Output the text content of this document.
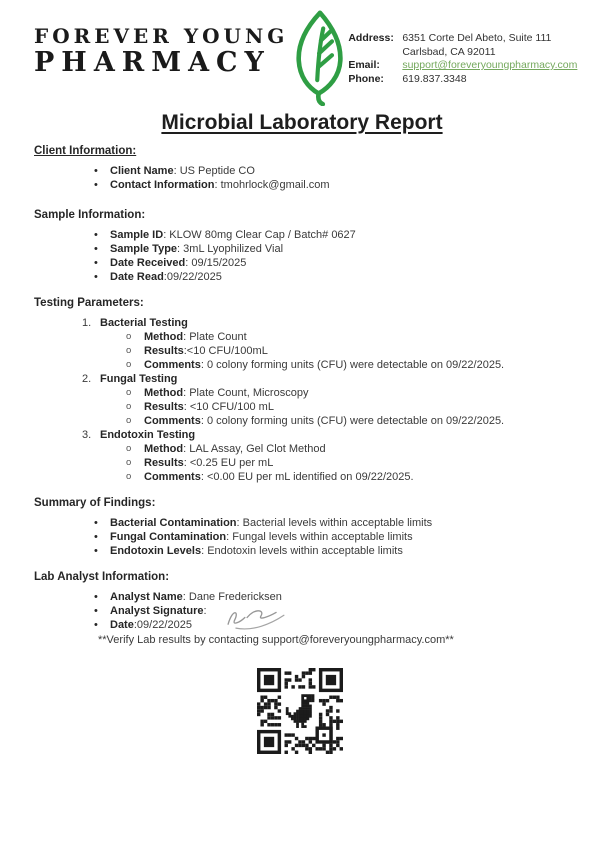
FOREVER YOUNG
PHARMACY
Address: 6351 Corte Del Abeto, Suite 111
Carlsbad, CA 92011
Email:	support@foreveryoungpharmacy.com
Phone:	619.837.3348
Microbial Laboratory Report
Client Information:
• Client Name: US Peptide CO
• Contact Information: tmohrlock@gmail.com
Sample Information:
• Sample ID: KLOW 80mg Clear Cap / Batch# 0627
• Sample Type: 3mL Lyophilized Vial
• Date Received: 09/15/2025
• Date Read:09/22/2025
Testing Parameters:
1. Bacterial Testing
o Method: Plate Count
o Results:<10 CFU/100mL
o Comments: 0 colony forming units (CFU) were detectable on 09/22/2025.
2. Fungal Testing
o Method: Plate Count, Microscopy
o Results: <10 CFU/100 mL
o Comments: 0 colony forming units (CFU) were detectable on 09/22/2025.
3. Endotoxin Testing
o Method: LAL Assay, Gel Clot Method
o Results: <0.25 EU per mL
o Comments: <0.00 EU per mL identified on 09/22/2025.
Summary of Findings:
• Bacterial Contamination: Bacterial levels within acceptable limits
• Fungal Contamination: Fungal levels within acceptable limits
• Endotoxin Levels: Endotoxin levels within acceptable limits
Lab Analyst Information:
• Analyst Name: Dane Fredericksen
• Analyst Signature:
• Date:09/22/2025
**Verify Lab results by contacting support@foreveryoungpharmacy.com**
